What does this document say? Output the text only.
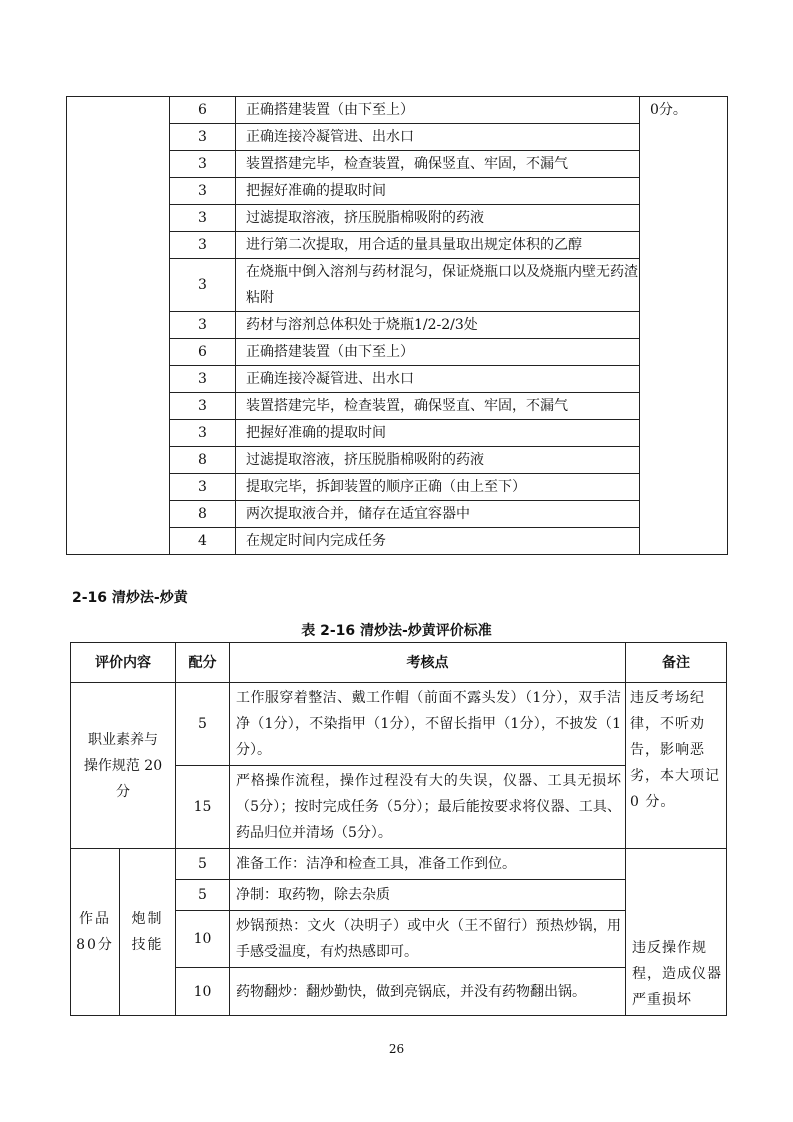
	6	正确搭建装置（由下至上）	0分。
	3	正确连接冷凝管进、出水口	
	3	装置搭建完毕，检查装置，确保竖直、牢固，不漏气	
	3	把握好准确的提取时间	
	3	过滤提取溶液，挤压脱脂棉吸附的药液	
	3	进行第二次提取，用合适的量具量取出规定体积的乙醇	
	3	在烧瓶中倒入溶剂与药材混匀，保证烧瓶口以及烧瓶内壁无药渣粘附	
	3	药材与溶剂总体积处于烧瓶1/2-2/3处	
	6	正确搭建装置（由下至上）	
	3	正确连接冷凝管进、出水口	
	3	装置搭建完毕，检查装置，确保竖直、牢固，不漏气	
	3	把握好准确的提取时间	
	8	过滤提取溶液，挤压脱脂棉吸附的药液	
	3	提取完毕，拆卸装置的顺序正确（由上至下）	
	8	两次提取液合并，储存在适宜容器中	
	4	在规定时间内完成任务	

2-16 清炒法-炒黄

表 2-16 清炒法-炒黄评价标准

评价内容		配分	考核点	备注
职业素养与操作规范 20 分		5	工作服穿着整洁、戴工作帽（前面不露头发）（1分），双手洁净（1分），不染指甲（1分），不留长指甲（1分），不披发（1分）。	违反考场纪律，不听劝告，影响恶劣，本大项记0 分。
		15	严格操作流程，操作过程没有大的失误，仪器、工具无损坏（5分）；按时完成任务（5分）；最后能按要求将仪器、工具、药品归位并清场（5分）。	
作品80分	炮制技能	5	准备工作：洁净和检查工具，准备工作到位。	违反操作规程，造成仪器严重损坏
		5	净制：取药物，除去杂质	
		10	炒锅预热：文火（决明子）或中火（王不留行）预热炒锅，用手感受温度，有灼热感即可。	
		10	药物翻炒：翻炒勤快，做到亮锅底，并没有药物翻出锅。	
26
